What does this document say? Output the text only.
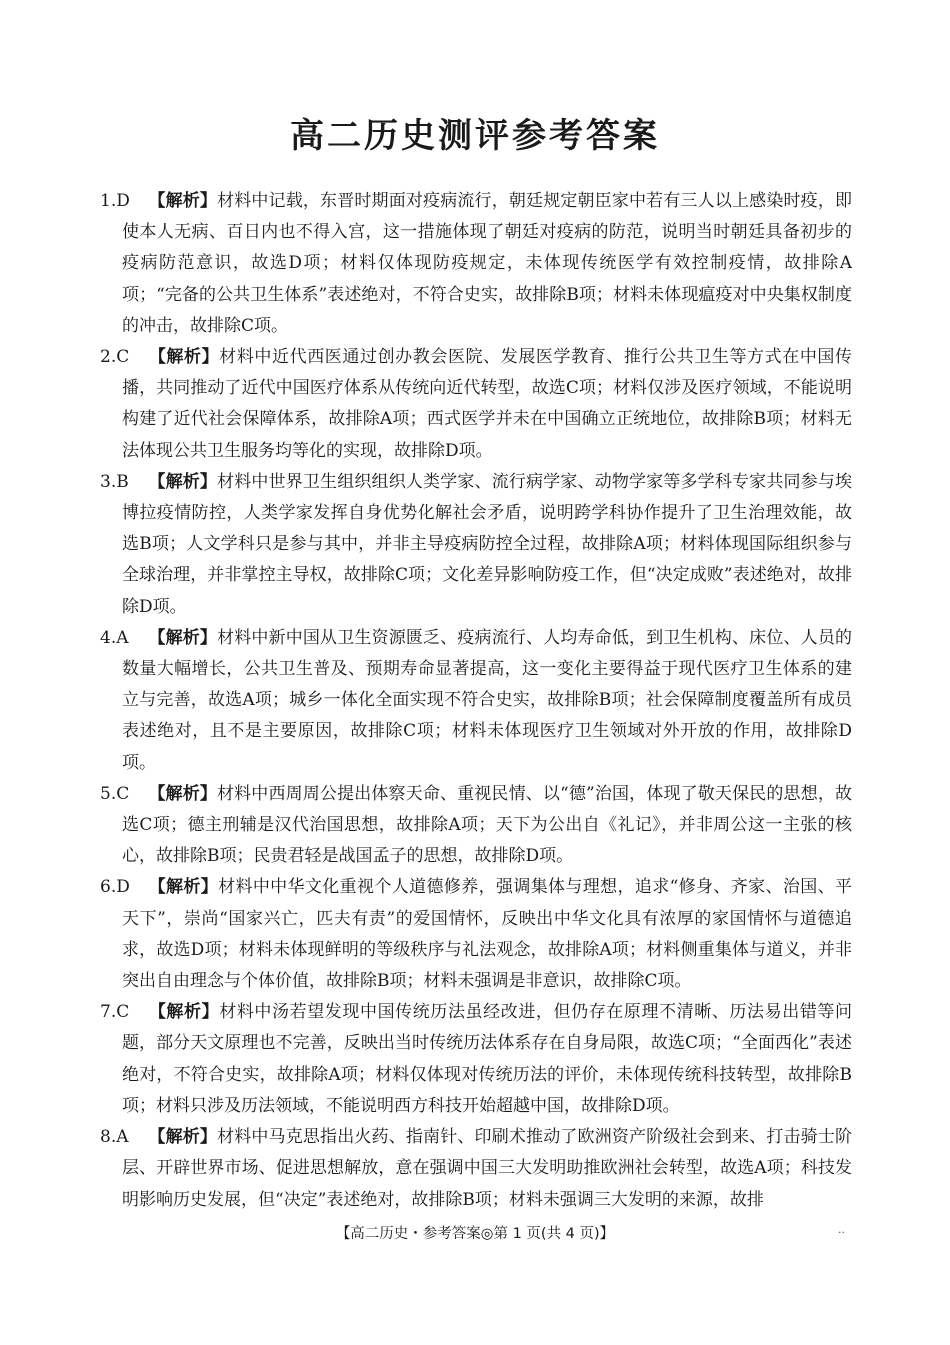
高二历史测评参考答案
1.D 【解析】材料中记载，东晋时期面对疫病流行，朝廷规定朝臣家中若有三人以上感染时疫，即使本人无病、百日内也不得入宫，这一措施体现了朝廷对疫病的防范，说明当时朝廷具备初步的疫病防范意识，故选D项；材料仅体现防疫规定，未体现传统医学有效控制疫情，故排除A项；“完备的公共卫生体系”表述绝对，不符合史实，故排除B项；材料未体现瘟疫对中央集权制度的冲击，故排除C项。
2.C 【解析】材料中近代西医通过创办教会医院、发展医学教育、推行公共卫生等方式在中国传播，共同推动了近代中国医疗体系从传统向近代转型，故选C项；材料仅涉及医疗领域，不能说明构建了近代社会保障体系，故排除A项；西式医学并未在中国确立正统地位，故排除B项；材料无法体现公共卫生服务均等化的实现，故排除D项。
3.B 【解析】材料中世界卫生组织组织人类学家、流行病学家、动物学家等多学科专家共同参与埃博拉疫情防控，人类学家发挥自身优势化解社会矛盾，说明跨学科协作提升了卫生治理效能，故选B项；人文学科只是参与其中，并非主导疫病防控全过程，故排除A项；材料体现国际组织参与全球治理，并非掌控主导权，故排除C项；文化差异影响防疫工作，但“决定成败”表述绝对，故排除D项。
4.A 【解析】材料中新中国从卫生资源匮乏、疫病流行、人均寿命低，到卫生机构、床位、人员的数量大幅增长，公共卫生普及、预期寿命显著提高，这一变化主要得益于现代医疗卫生体系的建立与完善，故选A项；城乡一体化全面实现不符合史实，故排除B项；社会保障制度覆盖所有成员表述绝对，且不是主要原因，故排除C项；材料未体现医疗卫生领域对外开放的作用，故排除D项。
5.C 【解析】材料中西周周公提出体察天命、重视民情、以“德”治国，体现了敬天保民的思想，故选C项；德主刑辅是汉代治国思想，故排除A项；天下为公出自《礼记》，并非周公这一主张的核心，故排除B项；民贵君轻是战国孟子的思想，故排除D项。
6.D 【解析】材料中中华文化重视个人道德修养，强调集体与理想，追求“修身、齐家、治国、平天下”，崇尚“国家兴亡，匹夫有责”的爱国情怀，反映出中华文化具有浓厚的家国情怀与道德追求，故选D项；材料未体现鲜明的等级秩序与礼法观念，故排除A项；材料侧重集体与道义，并非突出自由理念与个体价值，故排除B项；材料未强调是非意识，故排除C项。
7.C 【解析】材料中汤若望发现中国传统历法虽经改进，但仍存在原理不清晰、历法易出错等问题，部分天文原理也不完善，反映出当时传统历法体系存在自身局限，故选C项；“全面西化”表述绝对，不符合史实，故排除A项；材料仅体现对传统历法的评价，未体现传统科技转型，故排除B项；材料只涉及历法领域，不能说明西方科技开始超越中国，故排除D项。
8.A 【解析】材料中马克思指出火药、指南针、印刷术推动了欧洲资产阶级社会到来、打击骑士阶层、开辟世界市场、促进思想解放，意在强调中国三大发明助推欧洲社会转型，故选A项；科技发明影响历史发展，但“决定”表述绝对，故排除B项；材料未强调三大发明的来源，故排
【高二历史・参考答案◎第 1 页(共 4 页)】	··
